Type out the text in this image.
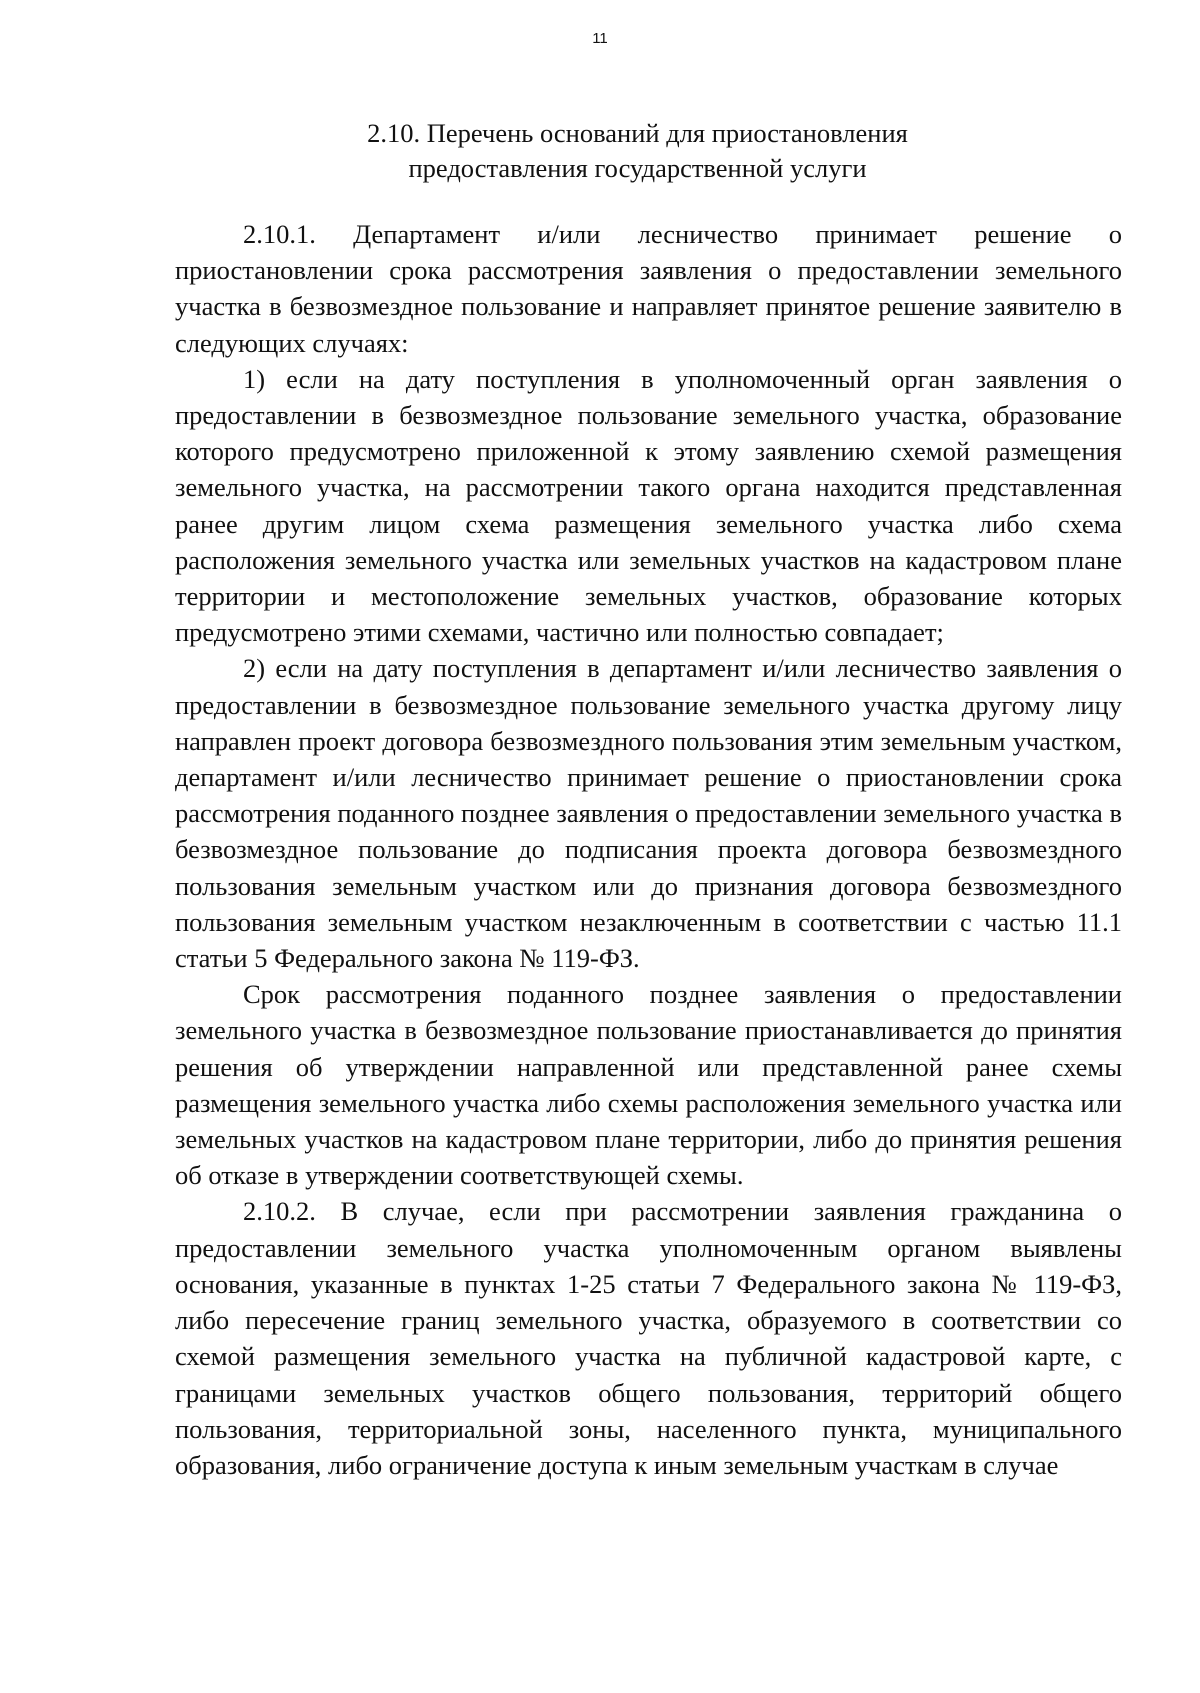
11
2.10. Перечень оснований для приостановления
предоставления государственной услуги

2.10.1. Департамент и/или лесничество принимает решение о приостановлении срока рассмотрения заявления о предоставлении земельного участка в безвозмездное пользование и направляет принятое решение заявителю в следующих случаях:

1) если на дату поступления в уполномоченный орган заявления о предоставлении в безвозмездное пользование земельного участка, образование которого предусмотрено приложенной к этому заявлению схемой размещения земельного участка, на рассмотрении такого органа находится представленная ранее другим лицом схема размещения земельного участка либо схема расположения земельного участка или земельных участков на кадастровом плане территории и местоположение земельных участков, образование которых предусмотрено этими схемами, частично или полностью совпадает;

2) если на дату поступления в департамент и/или лесничество заявления о предоставлении в безвозмездное пользование земельного участка другому лицу направлен проект договора безвозмездного пользования этим земельным участком, департамент и/или лесничество принимает решение о приостановлении срока рассмотрения поданного позднее заявления о предоставлении земельного участка в безвозмездное пользование до подписания проекта договора безвозмездного пользования земельным участком или до признания договора безвозмездного пользования земельным участком незаключенным в соответствии с частью 11.1 статьи 5 Федерального закона № 119-ФЗ.

Срок рассмотрения поданного позднее заявления о предоставлении земельного участка в безвозмездное пользование приостанавливается до принятия решения об утверждении направленной или представленной ранее схемы размещения земельного участка либо схемы расположения земельного участка или земельных участков на кадастровом плане территории, либо до принятия решения об отказе в утверждении соответствующей схемы.

2.10.2. В случае, если при рассмотрении заявления гражданина о предоставлении земельного участка уполномоченным органом выявлены основания, указанные в пунктах 1-25 статьи 7 Федерального закона № 119-ФЗ, либо пересечение границ земельного участка, образуемого в соответствии со схемой размещения земельного участка на публичной кадастровой карте, с границами земельных участков общего пользования, территорий общего пользования, территориальной зоны, населенного пункта, муниципального образования, либо ограничение доступа к иным земельным участкам в случае
